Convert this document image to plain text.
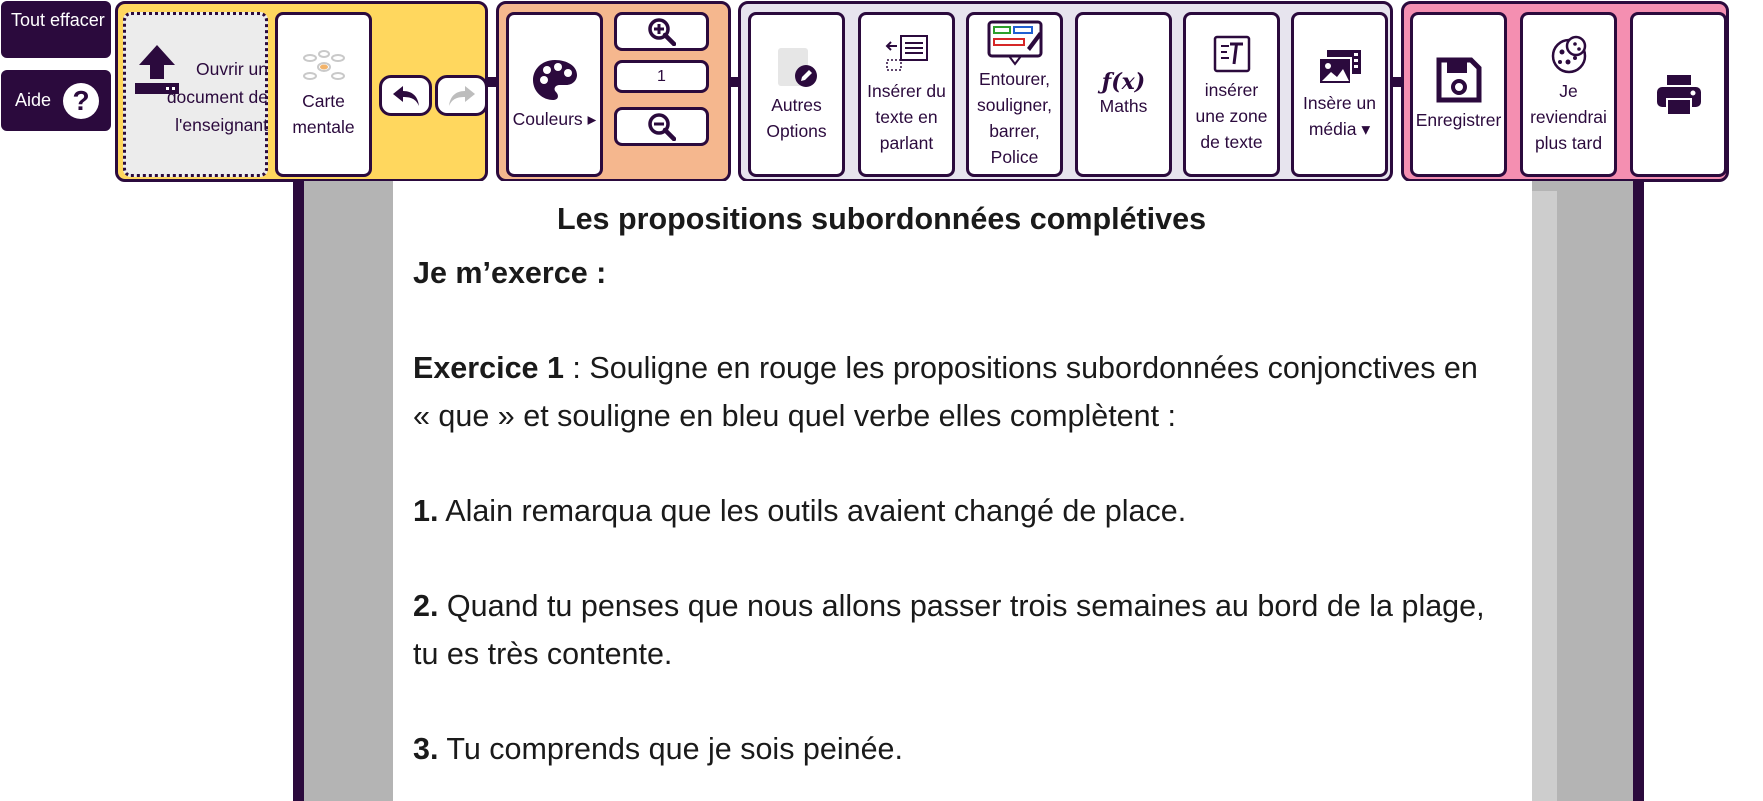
Tout effacer
Aide ?
Ouvrir un document de l'enseignant
Carte mentale	Couleurs ▸
1
Autres Options
Insérer du texte en parlant
Entourer, souligner, barrer, Police
ƒ(x)
Maths
insérer une zone de texte
Insère un média ▾	Enregistrer
Je reviendrai plus tard
Les propositions subordonnées complétives
Je m’exerce :
Exercice 1 : Souligne en rouge les propositions subordonnées conjonctives en « que » et souligne en bleu quel verbe elles complètent :
1. Alain remarqua que les outils avaient changé de place.
2. Quand tu penses que nous allons passer trois semaines au bord de la plage, tu es très contente.
3. Tu comprends que je sois peinée.
